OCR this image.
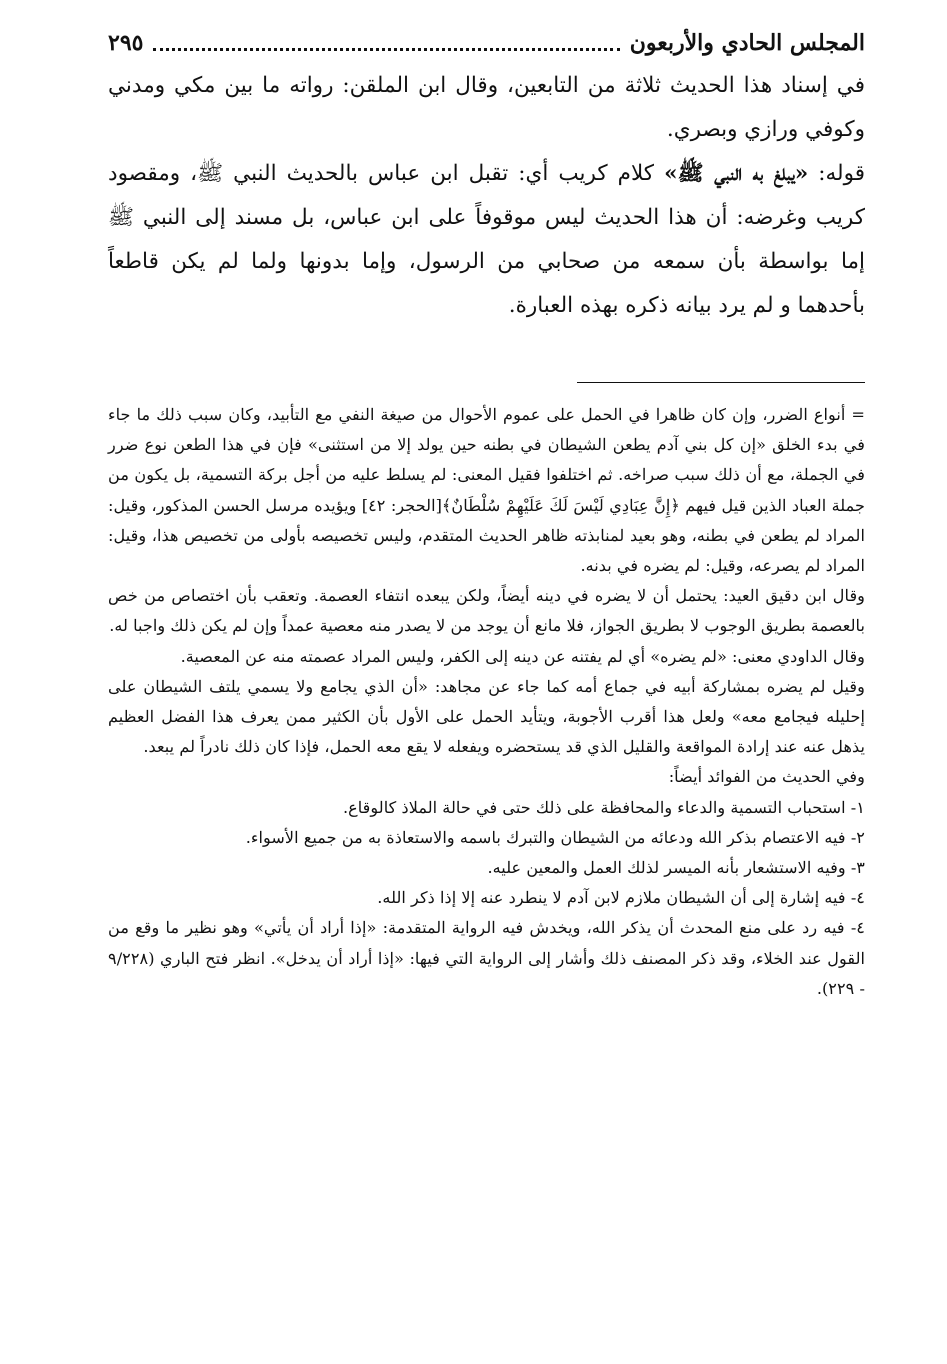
المجلس الحادي والأربعون
٢٩٥

في إسناد هذا الحديث ثلاثة من التابعين، وقال ابن الملقن: رواته ما بين مكي ومدني وكوفي ورازي وبصري.

قوله: «يبلغ به النبي ﷺ» كلام كريب أي: تقبل ابن عباس بالحديث النبي ﷺ، ومقصود كريب وغرضه: أن هذا الحديث ليس موقوفاً على ابن عباس، بل مسند إلى النبي ﷺ إما بواسطة بأن سمعه من صحابي من الرسول، وإما بدونها ولما لم يكن قاطعاً بأحدهما و لم يرد بيانه ذكره بهذه العبارة.

= أنواع الضرر، وإن كان ظاهرا في الحمل على عموم الأحوال من صيغة النفي مع التأبيد، وكان سبب ذلك ما جاء في بدء الخلق «إن كل بني آدم يطعن الشيطان في بطنه حين يولد إلا من استثنى» فإن في هذا الطعن نوع ضرر في الجملة، مع أن ذلك سبب صراخه. ثم اختلفوا فقيل المعنى: لم يسلط عليه من أجل بركة التسمية، بل يكون من جملة العباد الذين قيل فيهم ﴿إِنَّ عِبَادِي لَيْسَ لَكَ عَلَيْهِمْ سُلْطَانٌ﴾[الحجر: ٤٢] ويؤيده مرسل الحسن المذكور، وقيل: المراد لم يطعن في بطنه، وهو بعيد لمنابذته ظاهر الحديث المتقدم، وليس تخصيصه بأولى من تخصيص هذا، وقيل: المراد لم يصرعه، وقيل: لم يضره في بدنه.

وقال ابن دقيق العيد: يحتمل أن لا يضره في دينه أيضاً، ولكن يبعده انتفاء العصمة. وتعقب بأن اختصاص من خص بالعصمة بطريق الوجوب لا بطريق الجواز، فلا مانع أن يوجد من لا يصدر منه معصية عمداً وإن لم يكن ذلك واجبا له.

وقال الداودي معنى: «لم يضره» أي لم يفتنه عن دينه إلى الكفر، وليس المراد عصمته منه عن المعصية.

وقيل لم يضره بمشاركة أبيه في جماع أمه كما جاء عن مجاهد: «أن الذي يجامع ولا يسمي يلتف الشيطان على إحليله فيجامع معه» ولعل هذا أقرب الأجوبة، ويتأيد الحمل على الأول بأن الكثير ممن يعرف هذا الفضل العظيم يذهل عنه عند إرادة المواقعة والقليل الذي قد يستحضره ويفعله لا يقع معه الحمل، فإذا كان ذلك نادراً لم يبعد.

وفي الحديث من الفوائد أيضاً:

١- استحباب التسمية والدعاء والمحافظة على ذلك حتى في حالة الملاذ كالوقاع.

٢- فيه الاعتصام بذكر الله ودعائه من الشيطان والتبرك باسمه والاستعاذة به من جميع الأسواء.

٣- وفيه الاستشعار بأنه الميسر لذلك العمل والمعين عليه.

٤- فيه إشارة إلى أن الشيطان ملازم لابن آدم لا ينطرد عنه إلا إذا ذكر الله.

٤- فيه رد على منع المحدث أن يذكر الله، ويخدش فيه الرواية المتقدمة: «إذا أراد أن يأتي» وهو نظير ما وقع من القول عند الخلاء، وقد ذكر المصنف ذلك وأشار إلى الرواية التي فيها: «إذا أراد أن يدخل». انظر فتح الباري (٩/٢٢٨ - ٢٢٩).
